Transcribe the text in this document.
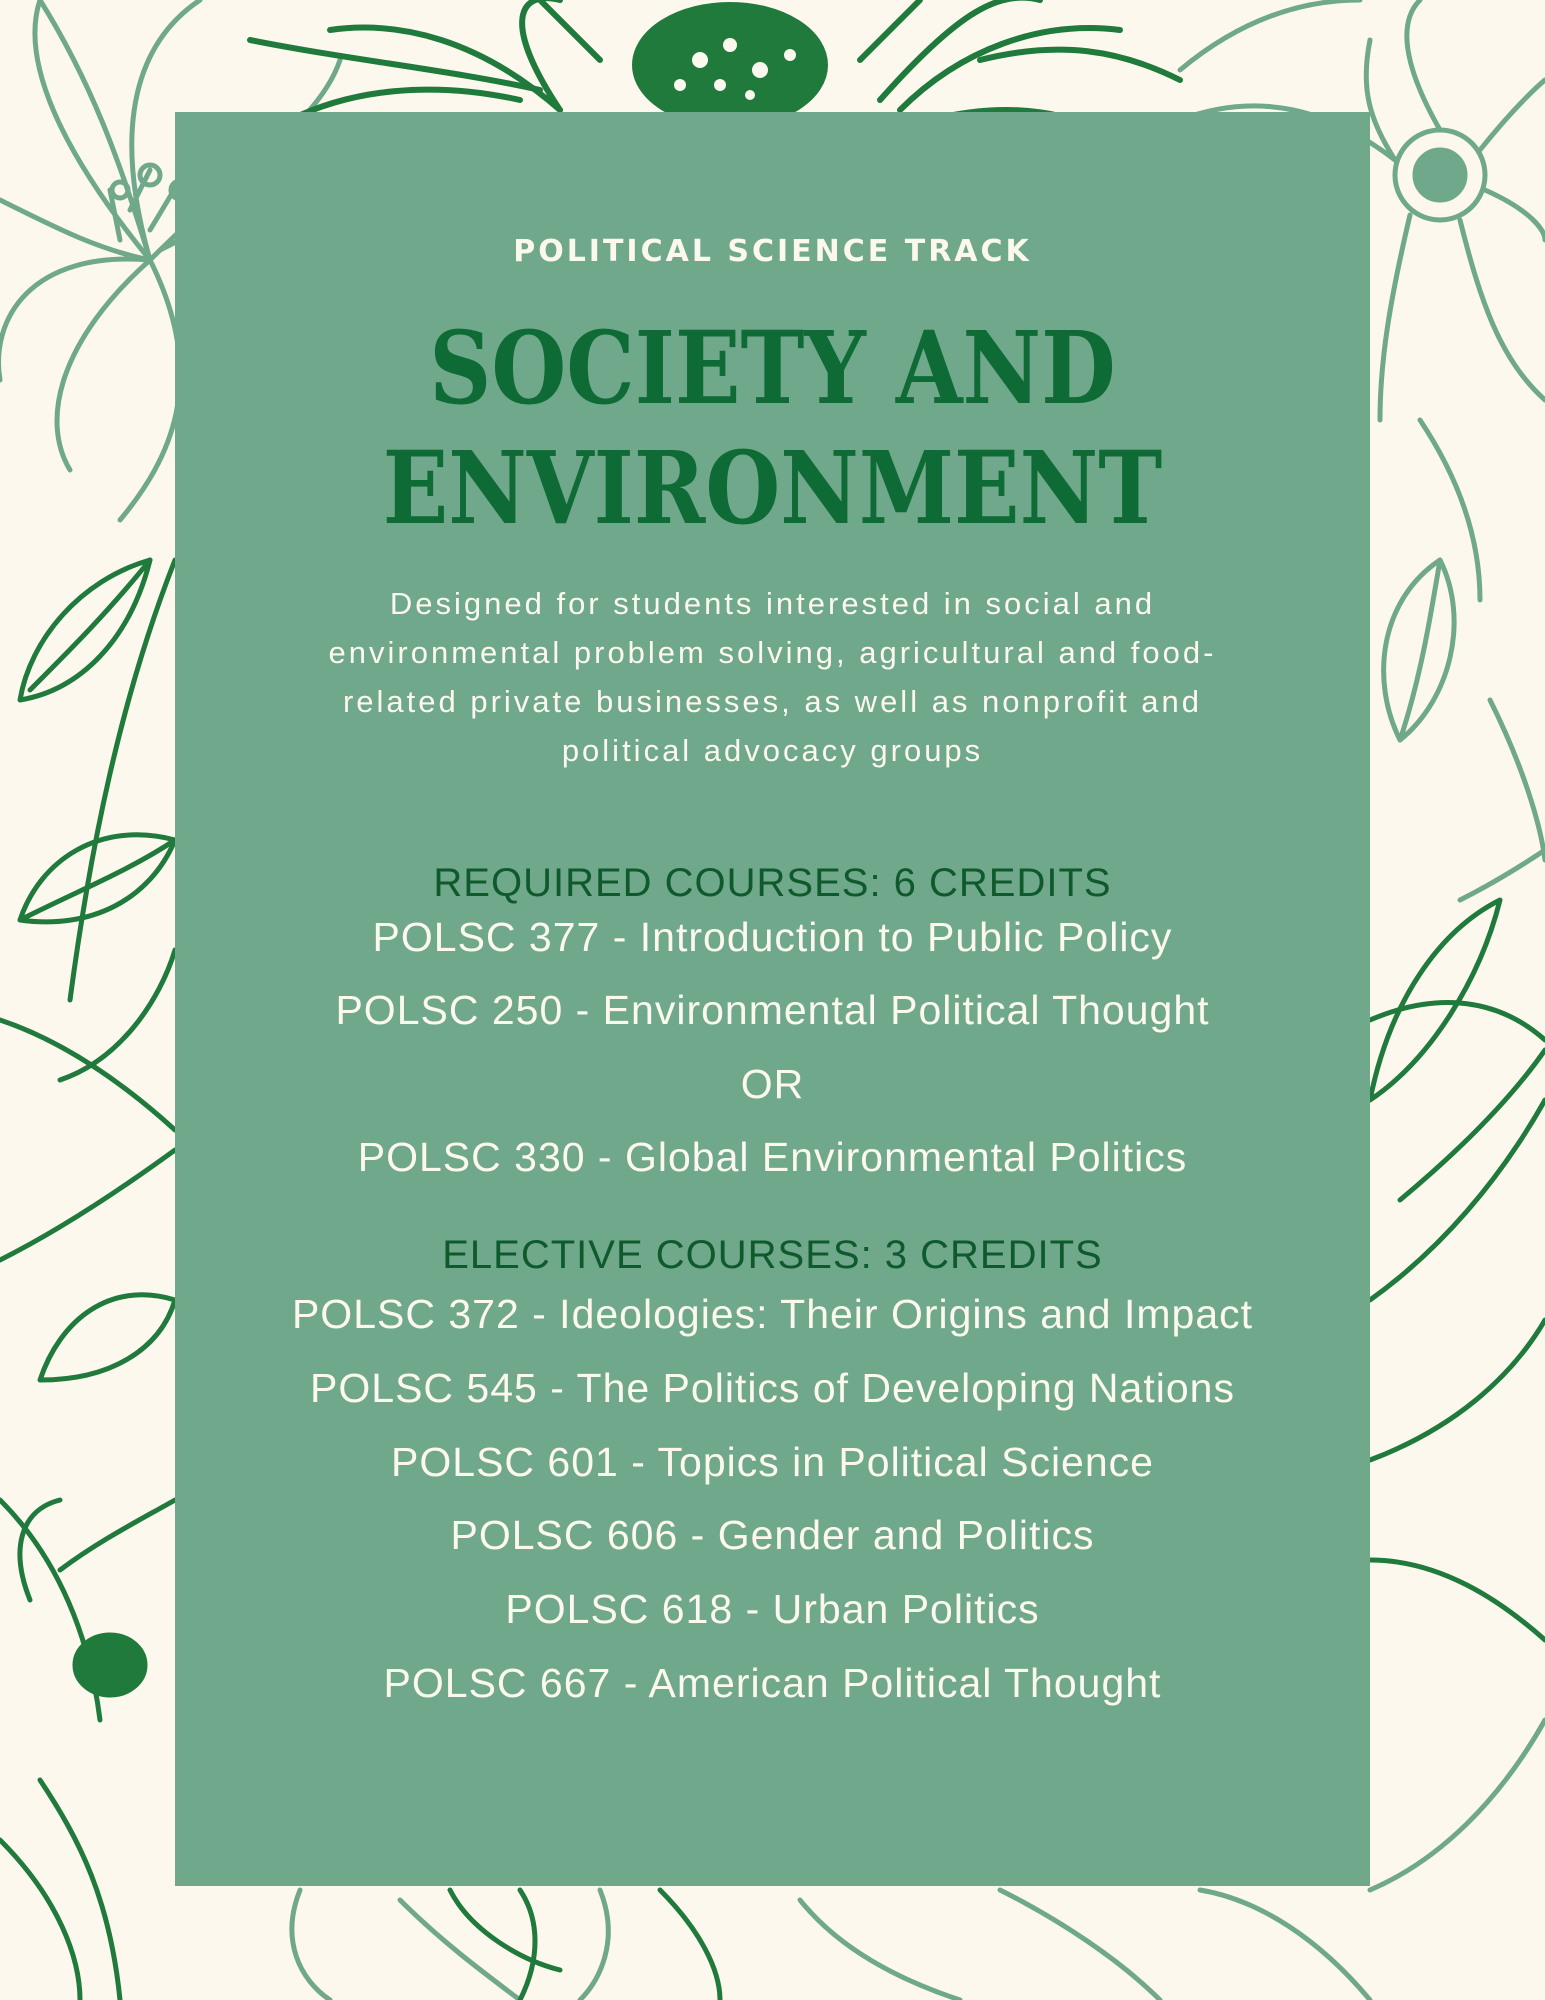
POLITICAL SCIENCE TRACK
SOCIETY AND
ENVIRONMENT

Designed for students interested in social and environmental problem solving, agricultural and food-related private businesses, as well as nonprofit and political advocacy groups

REQUIRED COURSES: 6 CREDITS
POLSC 377 - Introduction to Public Policy
POLSC 250 - Environmental Political Thought
OR
POLSC 330 - Global Environmental Politics
ELECTIVE COURSES: 3 CREDITS
POLSC 372 - Ideologies: Their Origins and Impact
POLSC 545 - The Politics of Developing Nations
POLSC 601 - Topics in Political Science
POLSC 606 - Gender and Politics
POLSC 618 - Urban Politics
POLSC 667 - American Political Thought
